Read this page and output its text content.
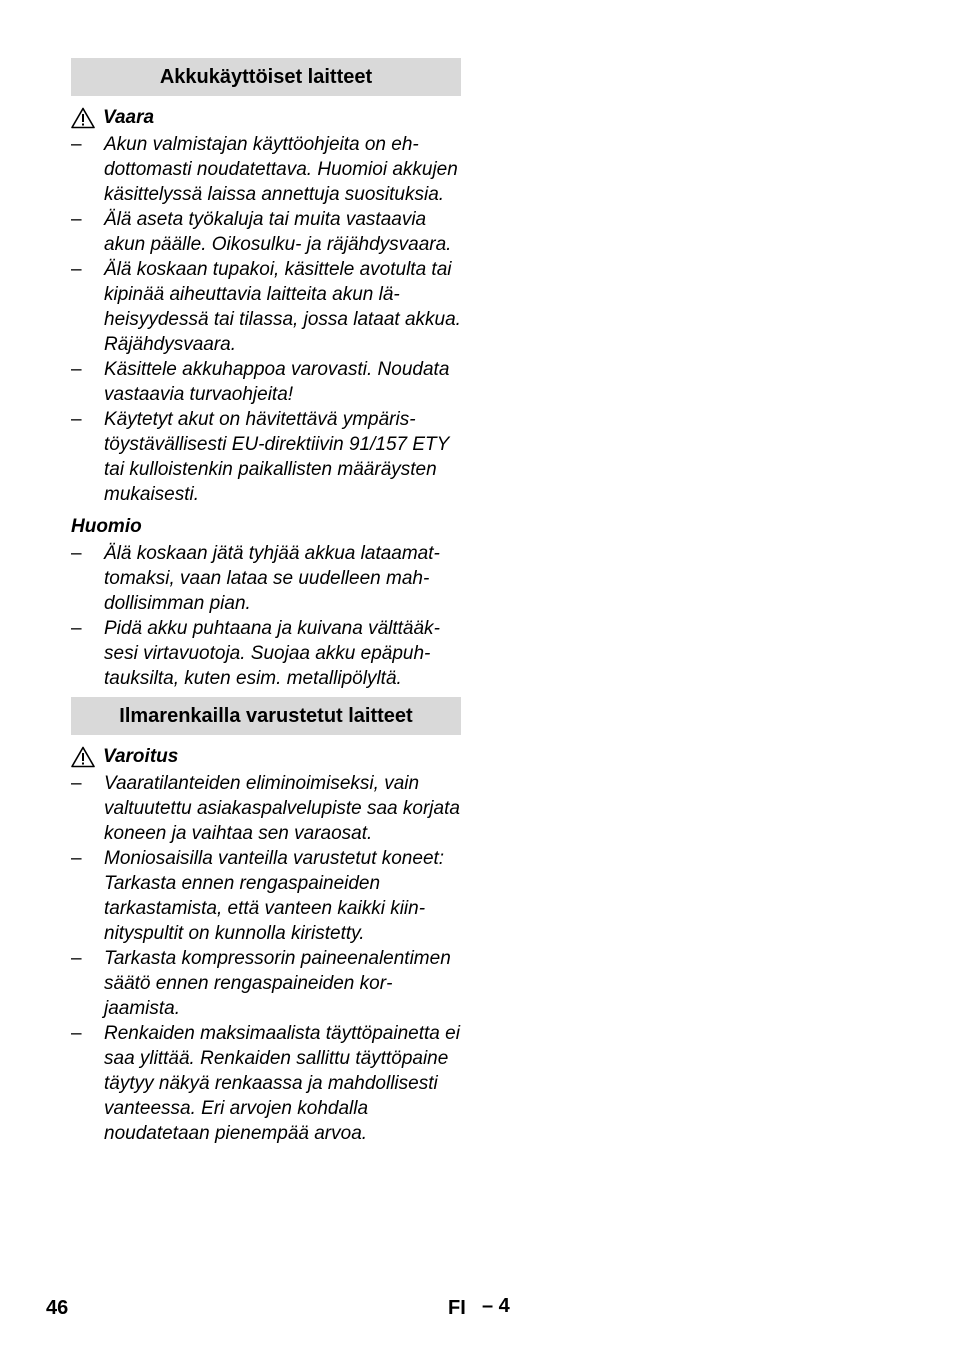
Akkukäyttöiset laitteet
Vaara
– Akun valmistajan käyttöohjeita on ehdottomasti noudatettava. Huomioi akkujen käsittelyssä laissa annettuja suosituksia.
– Älä aseta työkaluja tai muita vastaavia akun päälle. Oikosulku- ja räjähdysvaara.
– Älä koskaan tupakoi, käsittele avotulta tai kipinää aiheuttavia laitteita akun läheisyydessä tai tilassa, jossa lataat akkua. Räjähdysvaara.
– Käsittele akkuhappoa varovasti. Noudata vastaavia turvaohjeita!
– Käytetyt akut on hävitettävä ympäristöystävällisesti EU-direktiivin 91/157 ETY tai kulloistenkin paikallisten määräysten mukaisesti.
Huomio
– Älä koskaan jätä tyhjää akkua lataamattomaksi, vaan lataa se uudelleen mahdollisimman pian.
– Pidä akku puhtaana ja kuivana välttääksesi virtavuotoja. Suojaa akku epäpuhtauksilta, kuten esim. metallipölyltä.
Ilmarenkailla varustetut laitteet
Varoitus
– Vaaratilanteiden eliminoimiseksi, vain valtuutettu asiakaspalvelupiste saa korjata koneen ja vaihtaa sen varaosat.
– Moniosaisilla vanteilla varustetut koneet: Tarkasta ennen rengaspaineiden tarkastamista, että vanteen kaikki kiinnityspultit on kunnolla kiristetty.
– Tarkasta kompressorin paineenalentimen säätö ennen rengaspaineiden korjaamista.
– Renkaiden maksimaalista täyttöpainetta ei saa ylittää. Renkaiden sallittu täyttöpaine täytyy näkyä renkaassa ja mahdollisesti vanteessa. Eri arvojen kohdalla noudatetaan pienempää arvoa.
46	FI – 4
